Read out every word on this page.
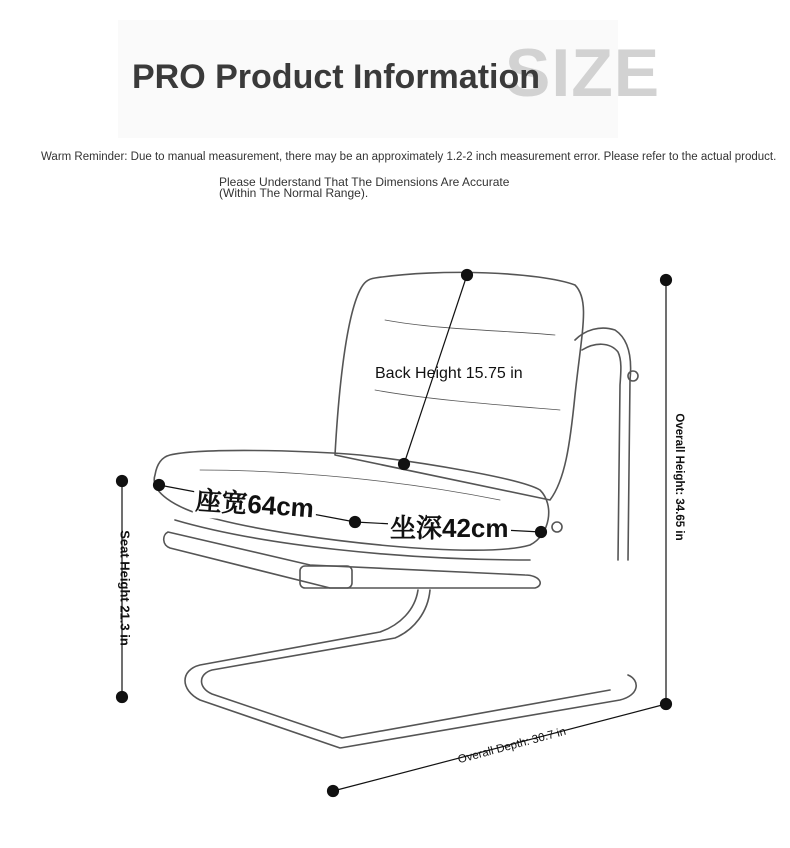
SIZE
PRO Product Information
Warm Reminder: Due to manual measurement, there may be an approximately 1.2-2 inch measurement error. Please refer to the actual product.
Please Understand That The Dimensions Are Accurate
(Within The Normal Range).
Back Height 15.75 in
座宽64cm
坐深42cm
Seat Height 21.3 in
Overall Height: 34.65 in
Overall Depth: 30.7 in
